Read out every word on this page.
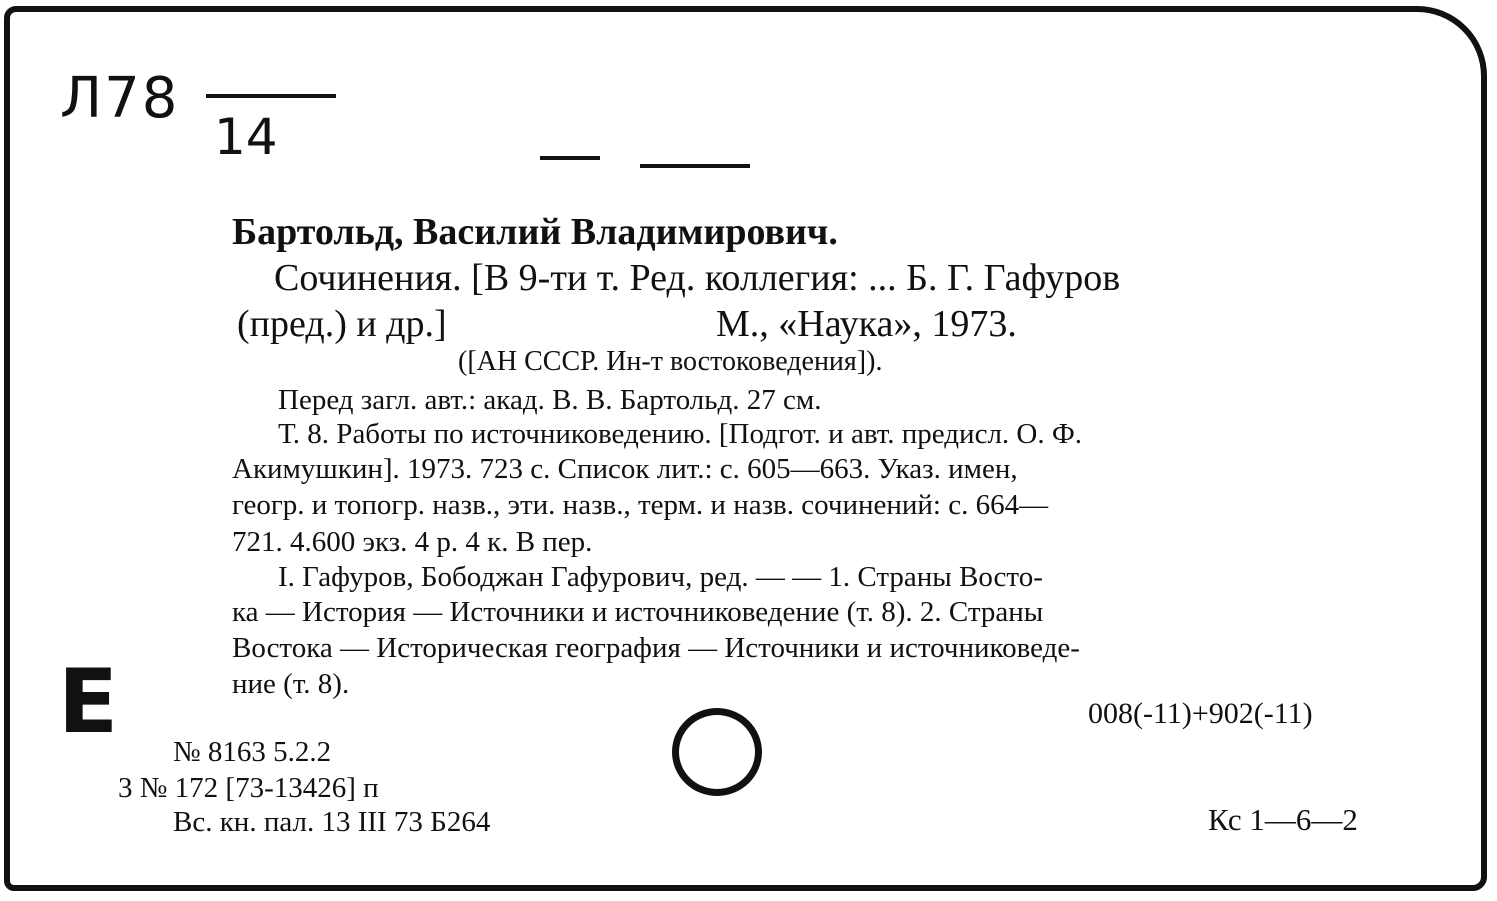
Л78
14
Бартольд, Василий Владимирович.
Сочинения. [В 9-ти т. Ред. коллегия: ... Б. Г. Гафуров
(пред.) и др.]	М., «Наука», 1973.
([АН СССР. Ин-т востоковедения]).
Перед загл. авт.: акад. В. В. Бартольд. 27 см.
Т. 8. Работы по источниковедению. [Подгот. и авт. предисл. О. Ф.
Акимушкин]. 1973. 723 с. Список лит.: с. 605—663. Указ. имен,
геогр. и топогр. назв., эти. назв., терм. и назв. сочинений: с. 664—
721. 4.600 экз. 4 р. 4 к. В пер.
I. Гафуров, Бободжан Гафурович, ред. — — 1. Страны Восто-
ка — История — Источники и источниковедение (т. 8). 2. Страны
Востока — Историческая география — Источники и источниковеде-
ние (т. 8).
Е	008(-11)+902(-11)
№ 8163 5.2.2
3 № 172 [73-13426] п
Вс. кн. пал. 13 III 73 Б264	Кс 1—6—2
